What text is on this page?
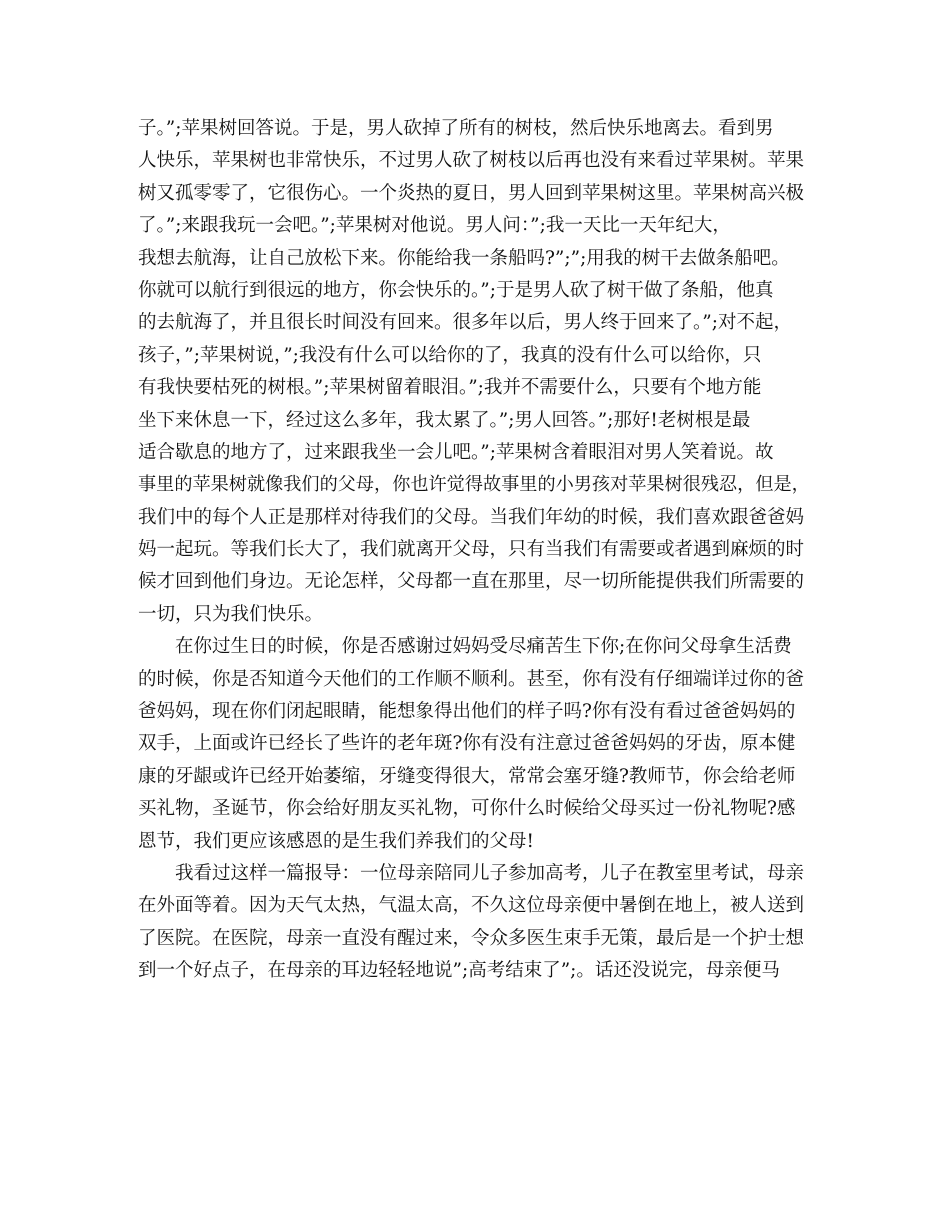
子。”;苹果树回答说。于是，男人砍掉了所有的树枝，然后快乐地离去。看到男
人快乐，苹果树也非常快乐，不过男人砍了树枝以后再也没有来看过苹果树。苹果
树又孤零零了，它很伤心。一个炎热的夏日，男人回到苹果树这里。苹果树高兴极
了。”;来跟我玩一会吧。”;苹果树对他说。男人问：”;我一天比一天年纪大，
我想去航海，让自己放松下来。你能给我一条船吗?”;”;用我的树干去做条船吧。
你就可以航行到很远的地方，你会快乐的。”;于是男人砍了树干做了条船，他真
的去航海了，并且很长时间没有回来。很多年以后，男人终于回来了。”;对不起，
孩子，”;苹果树说，”;我没有什么可以给你的了，我真的没有什么可以给你，只
有我快要枯死的树根。”;苹果树留着眼泪。”;我并不需要什么，只要有个地方能
坐下来休息一下，经过这么多年，我太累了。”;男人回答。”;那好!老树根是最
适合歇息的地方了，过来跟我坐一会儿吧。”;苹果树含着眼泪对男人笑着说。故
事里的苹果树就像我们的父母，你也许觉得故事里的小男孩对苹果树很残忍，但是，
我们中的每个人正是那样对待我们的父母。当我们年幼的时候，我们喜欢跟爸爸妈
妈一起玩。等我们长大了，我们就离开父母，只有当我们有需要或者遇到麻烦的时
候才回到他们身边。无论怎样，父母都一直在那里，尽一切所能提供我们所需要的
一切，只为我们快乐。

在你过生日的时候，你是否感谢过妈妈受尽痛苦生下你;在你问父母拿生活费
的时候，你是否知道今天他们的工作顺不顺利。甚至，你有没有仔细端详过你的爸
爸妈妈，现在你们闭起眼睛，能想象得出他们的样子吗?你有没有看过爸爸妈妈的
双手，上面或许已经长了些许的老年斑?你有没有注意过爸爸妈妈的牙齿，原本健
康的牙龈或许已经开始萎缩，牙缝变得很大，常常会塞牙缝?教师节，你会给老师
买礼物，圣诞节，你会给好朋友买礼物，可你什么时候给父母买过一份礼物呢?感
恩节，我们更应该感恩的是生我们养我们的父母!

我看过这样一篇报导：一位母亲陪同儿子参加高考，儿子在教室里考试，母亲
在外面等着。因为天气太热，气温太高，不久这位母亲便中暑倒在地上，被人送到
了医院。在医院，母亲一直没有醒过来，令众多医生束手无策，最后是一个护士想
到一个好点子，在母亲的耳边轻轻地说”;高考结束了”;。话还没说完，母亲便马
